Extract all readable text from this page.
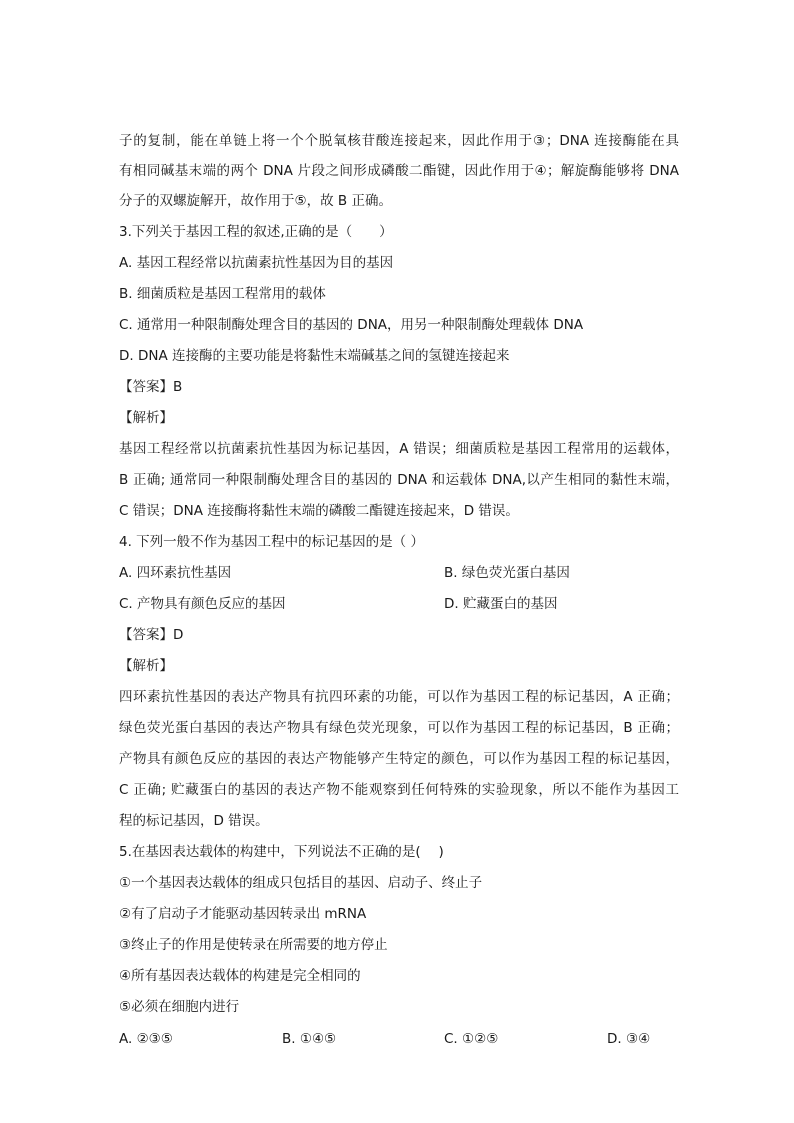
子的复制，能在单链上将一个个脱氧核苷酸连接起来，因此作用于③；DNA 连接酶能在具
有相同碱基末端的两个 DNA 片段之间形成磷酸二酯键，因此作用于④；解旋酶能够将 DNA
分子的双螺旋解开，故作用于⑤，故 B 正确。
3.下列关于基因工程的叙述,正确的是（　　）
A. 基因工程经常以抗菌素抗性基因为目的基因
B. 细菌质粒是基因工程常用的载体
C. 通常用一种限制酶处理含目的基因的 DNA，用另一种限制酶处理载体 DNA
D. DNA 连接酶的主要功能是将黏性末端碱基之间的氢键连接起来
【答案】B
【解析】
基因工程经常以抗菌素抗性基因为标记基因，A 错误；细菌质粒是基因工程常用的运载体，
B 正确; 通常同一种限制酶处理含目的基因的 DNA 和运载体 DNA,以产生相同的黏性末端，
C 错误；DNA 连接酶将黏性末端的磷酸二酯键连接起来，D 错误。
4. 下列一般不作为基因工程中的标记基因的是（ ）
A. 四环素抗性基因	B. 绿色荧光蛋白基因
C. 产物具有颜色反应的基因	D. 贮藏蛋白的基因
【答案】D
【解析】
四环素抗性基因的表达产物具有抗四环素的功能，可以作为基因工程的标记基因，A 正确；
绿色荧光蛋白基因的表达产物具有绿色荧光现象，可以作为基因工程的标记基因，B 正确；
产物具有颜色反应的基因的表达产物能够产生特定的颜色，可以作为基因工程的标记基因，
C 正确; 贮藏蛋白的基因的表达产物不能观察到任何特殊的实验现象，所以不能作为基因工
程的标记基因，D 错误。
5.在基因表达载体的构建中，下列说法不正确的是(　 )
①一个基因表达载体的组成只包括目的基因、启动子、终止子
②有了启动子才能驱动基因转录出 mRNA
③终止子的作用是使转录在所需要的地方停止
④所有基因表达载体的构建是完全相同的
⑤必须在细胞内进行
A. ②③⑤	B. ①④⑤	C. ①②⑤	D. ③④
